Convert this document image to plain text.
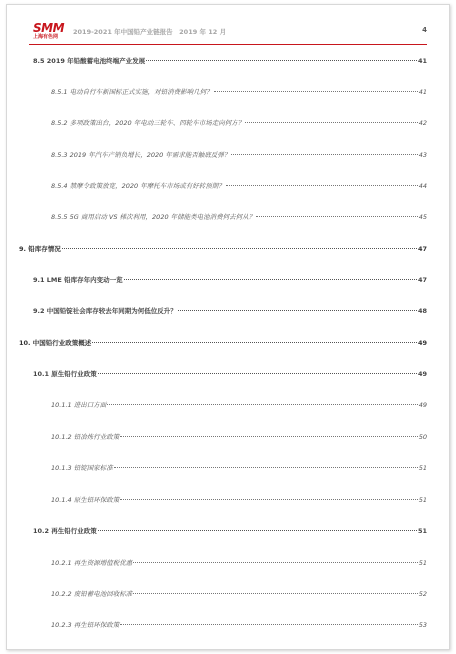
SMM
上海有色网
2019-2021 年中国铅产业链报告　2019 年 12 月	4
8.5 2019 年铅酸蓄电池终端产业发展	41
8.5.1 电动自行车新国标正式实施，对铅消费影响几何？	41
8.5.2 多项政策出台，2020 年电动三轮车、四轮车市场走向何方？	42
8.5.3 2019 年汽车产销负增长，2020 年需求能否触底反弹？	43
8.5.4 禁摩令政策放宽，2020 年摩托车市场或有好转预期？	44
8.5.5 5G 商用启动 VS 梯次利用，2020 年储能类电池消费何去何从？	45
9. 铅库存情况	47
9.1 LME 铅库存年内变动一览	47
9.2 中国铅锭社会库存较去年同期为何低位反升？	48
10. 中国铅行业政策概述	49
10.1 原生铅行业政策	49
10.1.1 进出口方面	49
10.1.2 铅冶炼行业政策	50
10.1.3 铅锭国家标准	51
10.1.4 原生铅环保政策	51
10.2 再生铅行业政策	51
10.2.1 再生资源增值税优惠	51
10.2.2 废铅蓄电池回收标准	52
10.2.3 再生铅环保政策	53
